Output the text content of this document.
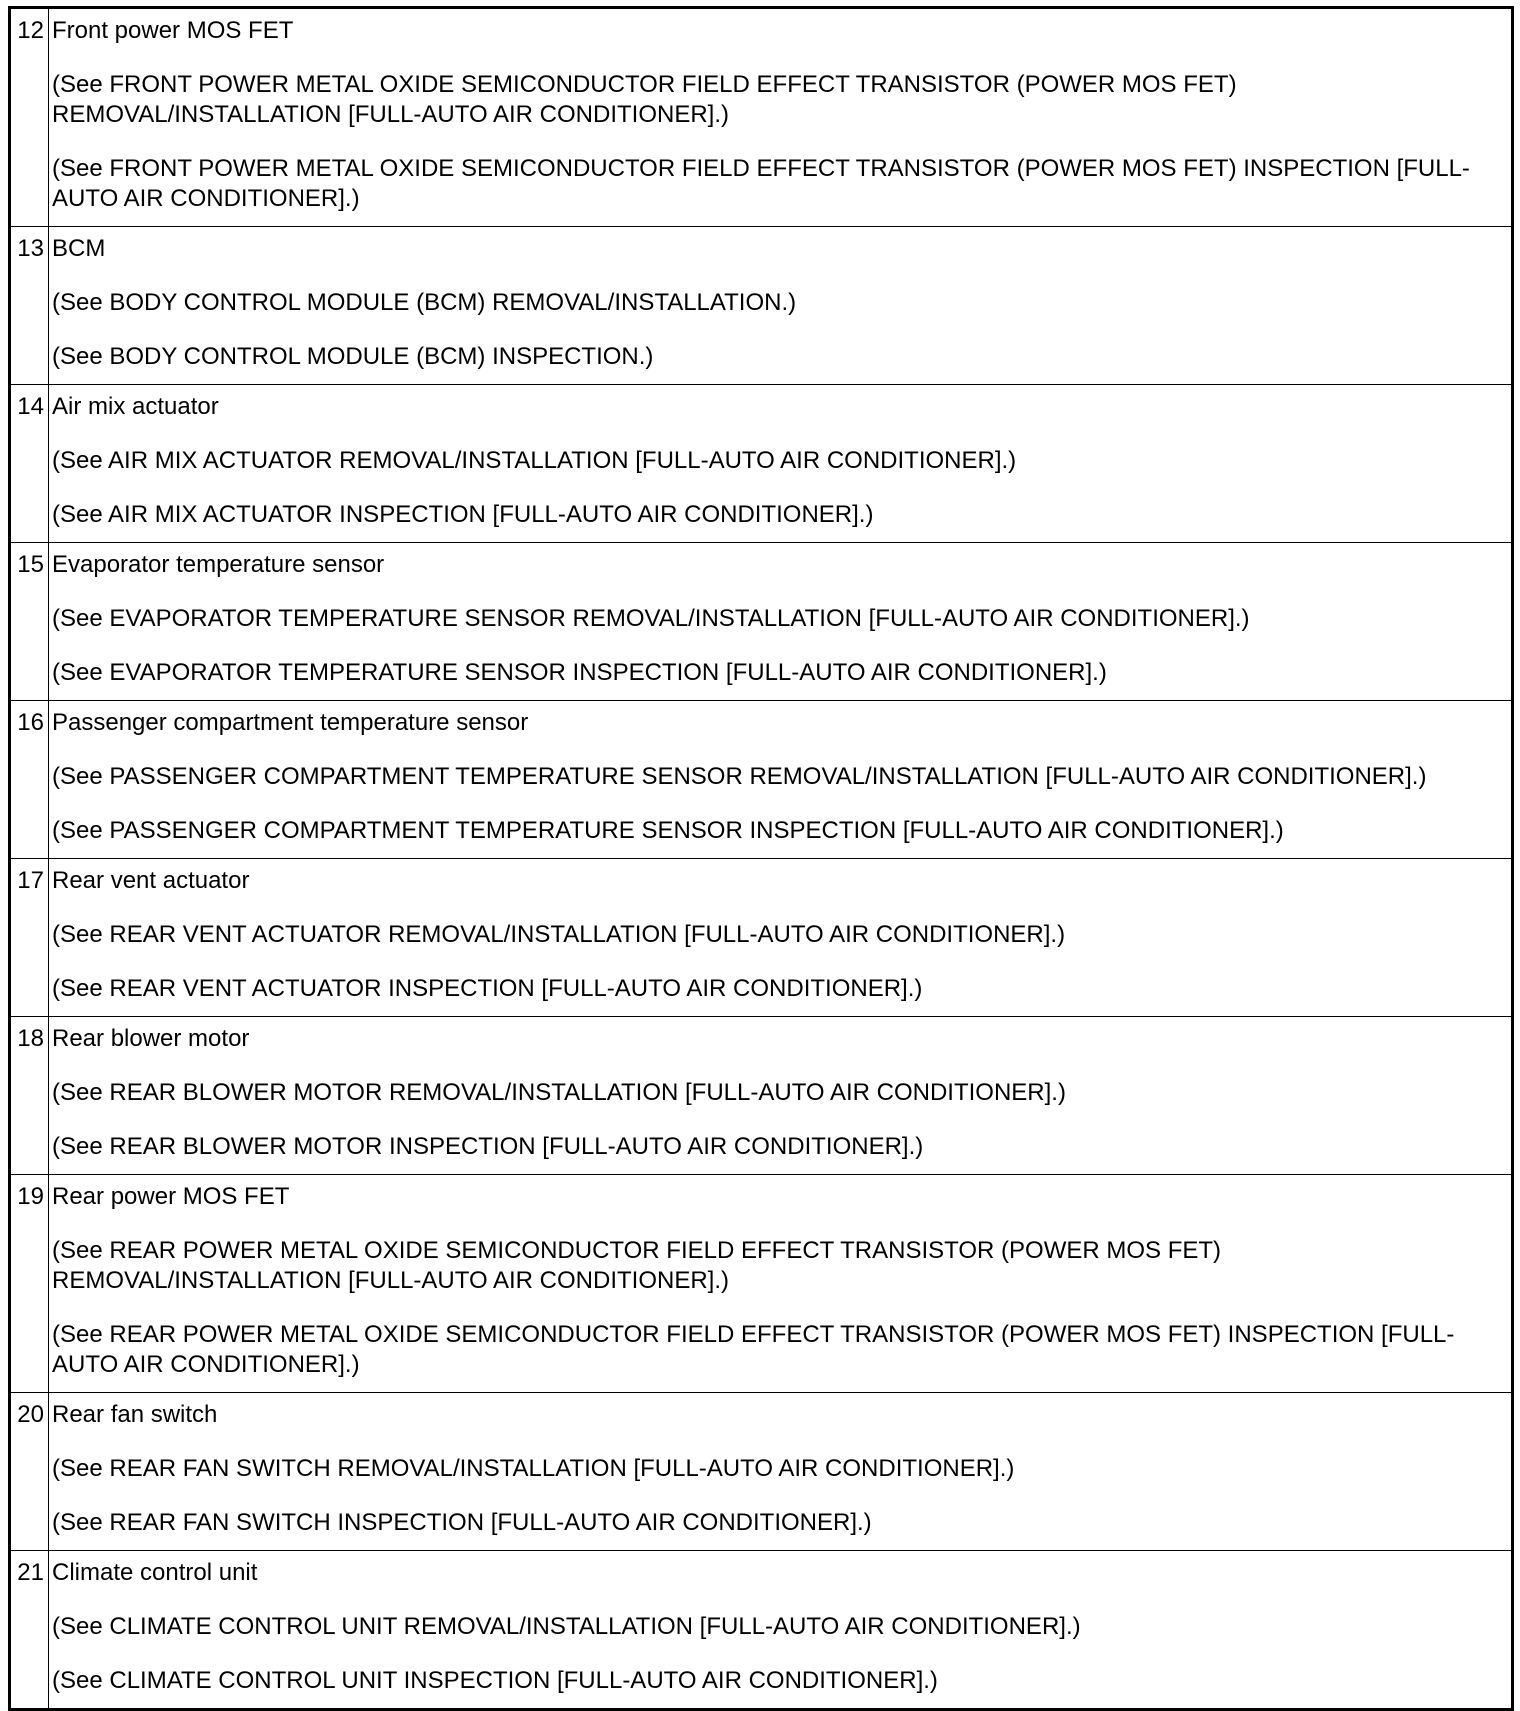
12	Front power MOS FET

(See FRONT POWER METAL OXIDE SEMICONDUCTOR FIELD EFFECT TRANSISTOR (POWER MOS FET) REMOVAL/INSTALLATION [FULL-AUTO AIR CONDITIONER].)

(See FRONT POWER METAL OXIDE SEMICONDUCTOR FIELD EFFECT TRANSISTOR (POWER MOS FET) INSPECTION [FULL-AUTO AIR CONDITIONER].)

13	BCM

(See BODY CONTROL MODULE (BCM) REMOVAL/INSTALLATION.)

(See BODY CONTROL MODULE (BCM) INSPECTION.)

14	Air mix actuator

(See AIR MIX ACTUATOR REMOVAL/INSTALLATION [FULL-AUTO AIR CONDITIONER].)

(See AIR MIX ACTUATOR INSPECTION [FULL-AUTO AIR CONDITIONER].)

15	Evaporator temperature sensor

(See EVAPORATOR TEMPERATURE SENSOR REMOVAL/INSTALLATION [FULL-AUTO AIR CONDITIONER].)

(See EVAPORATOR TEMPERATURE SENSOR INSPECTION [FULL-AUTO AIR CONDITIONER].)

16	Passenger compartment temperature sensor

(See PASSENGER COMPARTMENT TEMPERATURE SENSOR REMOVAL/INSTALLATION [FULL-AUTO AIR CONDITIONER].)

(See PASSENGER COMPARTMENT TEMPERATURE SENSOR INSPECTION [FULL-AUTO AIR CONDITIONER].)

17	Rear vent actuator

(See REAR VENT ACTUATOR REMOVAL/INSTALLATION [FULL-AUTO AIR CONDITIONER].)

(See REAR VENT ACTUATOR INSPECTION [FULL-AUTO AIR CONDITIONER].)

18	Rear blower motor

(See REAR BLOWER MOTOR REMOVAL/INSTALLATION [FULL-AUTO AIR CONDITIONER].)

(See REAR BLOWER MOTOR INSPECTION [FULL-AUTO AIR CONDITIONER].)

19	Rear power MOS FET

(See REAR POWER METAL OXIDE SEMICONDUCTOR FIELD EFFECT TRANSISTOR (POWER MOS FET) REMOVAL/INSTALLATION [FULL-AUTO AIR CONDITIONER].)

(See REAR POWER METAL OXIDE SEMICONDUCTOR FIELD EFFECT TRANSISTOR (POWER MOS FET) INSPECTION [FULL-AUTO AIR CONDITIONER].)

20	Rear fan switch

(See REAR FAN SWITCH REMOVAL/INSTALLATION [FULL-AUTO AIR CONDITIONER].)

(See REAR FAN SWITCH INSPECTION [FULL-AUTO AIR CONDITIONER].)

21	Climate control unit

(See CLIMATE CONTROL UNIT REMOVAL/INSTALLATION [FULL-AUTO AIR CONDITIONER].)

(See CLIMATE CONTROL UNIT INSPECTION [FULL-AUTO AIR CONDITIONER].)
